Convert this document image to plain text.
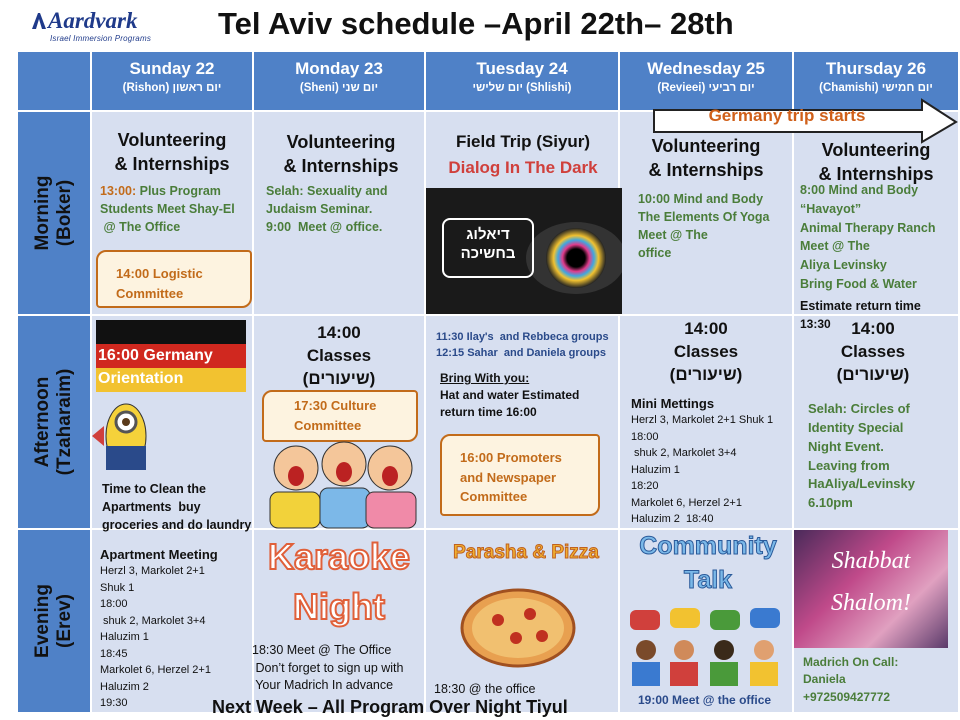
Aardvark
Israel Immersion Programs Tel Aviv schedule –April 22th– 28th
Sunday 22
(Rishon) יום ראשון
Monday 23
(Sheni) יום שני
Tuesday 24
יום שלישי (Shlishi)
Wednesday 25
(Revieei) יום רביעי
Thursday 26
(Chamishi) יום חמישי
Morning
(Boker)
Afternoon
(Tzaharaim)
Evening
(Erev)
Germany trip starts
Volunteering
& Internships
13:00: Plus Program
Students Meet Shay-El
@ The Office
14:00 Logistic
Committee
Volunteering
& Internships
Selah: Sexuality and
Judaism Seminar.
9:00  Meet @ office.
Field Trip (Siyur)
Dialog In The Dark
דיאלוג
בחשיכה
Volunteering
& Internships
10:00 Mind and Body
The Elements Of Yoga
Meet @ The
office
Volunteering
& Internships
8:00 Mind and Body
“Havayot”
Animal Therapy Ranch
Meet @ The
Aliya Levinsky
Bring Food & Water
Estimate return time
16:00 Germany
Orientation
Time to Clean the
Apartments  buy
groceries and do laundry
14:00
Classes
(שיעורים)
17:30 Culture
Committee
11:30 Ilay's  and Rebbeca groups
12:15 Sahar  and Daniela groups
Bring With you:
Hat and water Estimated
return time 16:00
16:00 Promoters
and Newspaper
Committee
14:00
Classes
(שיעורים)
Mini Mettings
Herzl 3, Markolet 2+1 Shuk 1
18:00
shuk 2, Markolet 3+4
Haluzim 1
18:20
Markolet 6, Herzel 2+1
Haluzim 2  18:40
13:30	14:00
Classes
(שיעורים)
Selah: Circles of
Identity Special
Night Event.
Leaving from
HaAliya/Levinsky
6.10pm
Apartment Meeting
Herzl 3, Markolet 2+1
Shuk 1
18:00
shuk 2, Markolet 3+4
Haluzim 1
18:45
Markolet 6, Herzel 2+1
Haluzim 2
19:30
Karaoke
Night
18:30 Meet @ The Office
Don’t forget to sign up with
Your Madrich In advance
Parasha & Pizza
18:30 @ the office
Community
Talk
19:00 Meet @ the office
Shabbat
Shalom!
Madrich On Call:
Daniela
+972509427772
Next Week – All Program Over Night Tiyul
